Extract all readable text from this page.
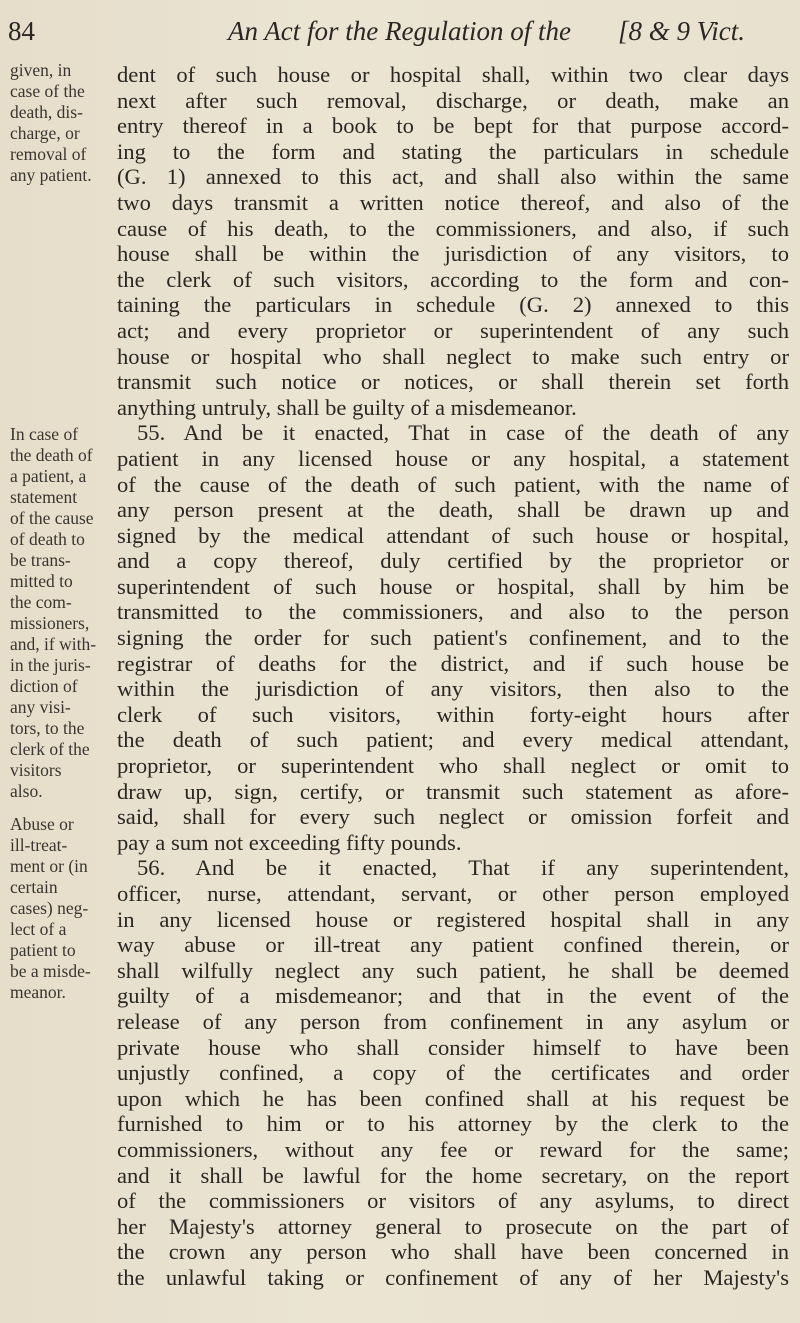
84	An Act for the Regulation of the [8 & 9 Vict.
given, in
case of the
death, dis-
charge, or
removal of
any patient.
In case of
the death of
a patient, a
statement
of the cause
of death to
be trans-
mitted to
the com-
missioners,
and, if with-
in the juris-
diction of
any visi-
tors, to the
clerk of the
visitors
also.
Abuse or
ill-treat-
ment or (in
certain
cases) neg-
lect of a
patient to
be a misde-
meanor.
dent of such house or hospital shall, within two clear days
next after such removal, discharge, or death, make an
entry thereof in a book to be bept for that purpose accord-
ing to the form and stating the particulars in schedule
(G. 1) annexed to this act, and shall also within the same
two days transmit a written notice thereof, and also of the
cause of his death, to the commissioners, and also, if such
house shall be within the jurisdiction of any visitors, to
the clerk of such visitors, according to the form and con-
taining the particulars in schedule (G. 2) annexed to this
act; and every proprietor or superintendent of any such
house or hospital who shall neglect to make such entry or
transmit such notice or notices, or shall therein set forth
anything untruly, shall be guilty of a misdemeanor.
55. And be it enacted, That in case of the death of any
patient in any licensed house or any hospital, a statement
of the cause of the death of such patient, with the name of
any person present at the death, shall be drawn up and
signed by the medical attendant of such house or hospital,
and a copy thereof, duly certified by the proprietor or
superintendent of such house or hospital, shall by him be
transmitted to the commissioners, and also to the person
signing the order for such patient's confinement, and to the
registrar of deaths for the district, and if such house be
within the jurisdiction of any visitors, then also to the
clerk of such visitors, within forty-eight hours after
the death of such patient; and every medical attendant,
proprietor, or superintendent who shall neglect or omit to
draw up, sign, certify, or transmit such statement as afore-
said, shall for every such neglect or omission forfeit and
pay a sum not exceeding fifty pounds.
56. And be it enacted, That if any superintendent,
officer, nurse, attendant, servant, or other person employed
in any licensed house or registered hospital shall in any
way abuse or ill-treat any patient confined therein, or
shall wilfully neglect any such patient, he shall be deemed
guilty of a misdemeanor; and that in the event of the
release of any person from confinement in any asylum or
private house who shall consider himself to have been
unjustly confined, a copy of the certificates and order
upon which he has been confined shall at his request be
furnished to him or to his attorney by the clerk to the
commissioners, without any fee or reward for the same;
and it shall be lawful for the home secretary, on the report
of the commissioners or visitors of any asylums, to direct
her Majesty's attorney general to prosecute on the part of
the crown any person who shall have been concerned in
the unlawful taking or confinement of any of her Majesty's
